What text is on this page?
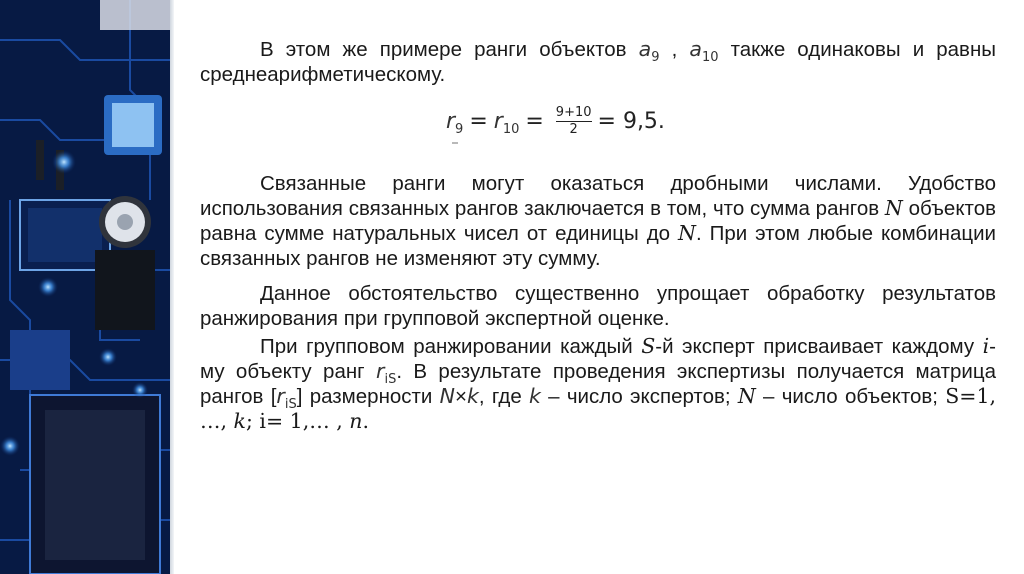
В этом же примере ранги объектов $a_9$ , $a_{10}$ также одинаковы и равны среднеарифметическому.

$r_9 = r_{10} = \frac{9+10}{2} = 9,5$.

Связанные ранги могут оказаться дробными числами. Удобство использования связанных рангов заключается в том, что сумма рангов N объектов равна сумме натуральных чисел от единицы до N. При этом любые комбинации связанных рангов не изменяют эту сумму.

Данное обстоятельство существенно упрощает обработку результатов ранжирования при групповой экспертной оценке.

При групповом ранжировании каждый S-й эксперт присваивает каждому i-му объекту ранг $r_{iS}$. В результате проведения экспертизы получается матрица рангов $[r_{iS}]$ размерности N×k, где k – число экспертов; N – число объектов; S=1, …, k; i= 1,… , n.
